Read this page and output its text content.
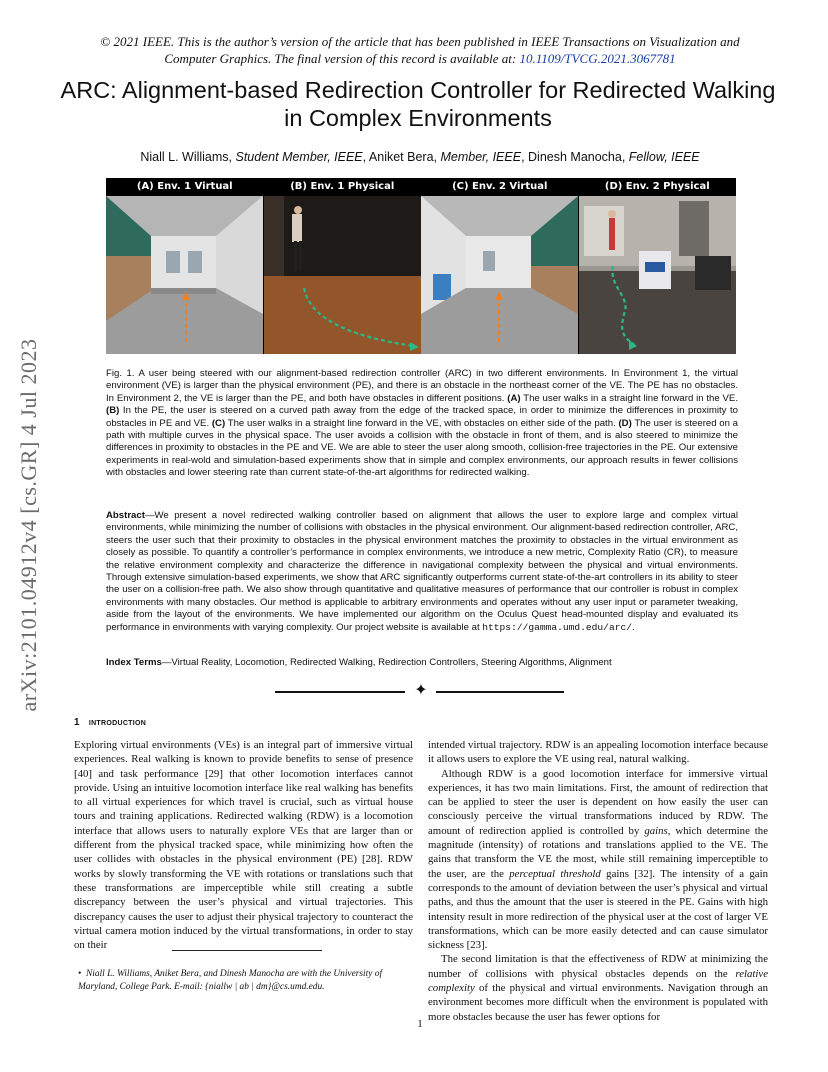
© 2021 IEEE. This is the author’s version of the article that has been published in IEEE Transactions on Visualization and Computer Graphics. The final version of this record is available at: 10.1109/TVCG.2021.3067781
ARC: Alignment-based Redirection Controller for Redirected Walking in Complex Environments
Niall L. Williams, Student Member, IEEE, Aniket Bera, Member, IEEE, Dinesh Manocha, Fellow, IEEE
arXiv:2101.04912v4 [cs.GR] 4 Jul 2023
(A) Env. 1 Virtual	(B) Env. 1 Physical	(C) Env. 2 Virtual	(D) Env. 2 Physical
Fig. 1. A user being steered with our alignment-based redirection controller (ARC) in two different environments. In Environment 1, the virtual environment (VE) is larger than the physical environment (PE), and there is an obstacle in the northeast corner of the VE. The PE has no obstacles. In Environment 2, the VE is larger than the PE, and both have obstacles in different positions. (A) The user walks in a straight line forward in the VE. (B) In the PE, the user is steered on a curved path away from the edge of the tracked space, in order to minimize the differences in proximity to obstacles in PE and VE. (C) The user walks in a straight line forward in the VE, with obstacles on either side of the path. (D) The user is steered on a path with multiple curves in the physical space. The user avoids a collision with the obstacle in front of them, and is also steered to minimize the differences in proximity to obstacles in the PE and VE. We are able to steer the user along smooth, collision-free trajectories in the PE. Our extensive experiments in real-wold and simulation-based experiments show that in simple and complex environments, our approach results in fewer collisions with obstacles and lower steering rate than current state-of-the-art algorithms for redirected walking.
Abstract—We present a novel redirected walking controller based on alignment that allows the user to explore large and complex virtual environments, while minimizing the number of collisions with obstacles in the physical environment. Our alignment-based redirection controller, ARC, steers the user such that their proximity to obstacles in the physical environment matches the proximity to obstacles in the virtual environment as closely as possible. To quantify a controller’s performance in complex environments, we introduce a new metric, Complexity Ratio (CR), to measure the relative environment complexity and characterize the difference in navigational complexity between the physical and virtual environments. Through extensive simulation-based experiments, we show that ARC significantly outperforms current state-of-the-art controllers in its ability to steer the user on a collision-free path. We also show through quantitative and qualitative measures of performance that our controller is robust in complex environments with many obstacles. Our method is applicable to arbitrary environments and operates without any user input or parameter tweaking, aside from the layout of the environments. We have implemented our algorithm on the Oculus Quest head-mounted display and evaluated its performance in environments with varying complexity. Our project website is available at https://gamma.umd.edu/arc/.
Index Terms—Virtual Reality, Locomotion, Redirected Walking, Redirection Controllers, Steering Algorithms, Alignment
✦
1 introduction

Exploring virtual environments (VEs) is an integral part of immersive virtual experiences. Real walking is known to provide benefits to sense of presence [40] and task performance [29] that other locomotion interfaces cannot provide. Using an intuitive locomotion interface like real walking has benefits to all virtual experiences for which travel is crucial, such as virtual house tours and training applications. Redirected walking (RDW) is a locomotion interface that allows users to naturally explore VEs that are larger than or different from the physical tracked space, while minimizing how often the user collides with obstacles in the physical environment (PE) [28]. RDW works by slowly transforming the VE with rotations or translations such that these transformations are imperceptible while still creating a subtle discrepancy between the user’s physical and virtual trajectories. This discrepancy causes the user to adjust their physical trajectory to counteract the virtual camera motion induced by the virtual transformations, in order to stay on their

intended virtual trajectory. RDW is an appealing locomotion interface because it allows users to explore the VE using real, natural walking.

Although RDW is a good locomotion interface for immersive virtual experiences, it has two main limitations. First, the amount of redirection that can be applied to steer the user is dependent on how easily the user can consciously perceive the virtual transformations induced by RDW. The amount of redirection applied is controlled by gains, which determine the magnitude (intensity) of rotations and translations applied to the VE. The gains that transform the VE the most, while still remaining imperceptible to the user, are the perceptual threshold gains [32]. The intensity of a gain corresponds to the amount of deviation between the user’s physical and virtual paths, and thus the amount that the user is steered in the PE. Gains with high intensity result in more redirection of the physical user at the cost of larger VE transformations, which can be more easily detected and can cause simulator sickness [23].

The second limitation is that the effectiveness of RDW at minimizing the number of collisions with physical obstacles depends on the relative complexity of the physical and virtual environments. Navigation through an environment becomes more difficult when the environment is populated with more obstacles because the user has fewer options for

• Niall L. Williams, Aniket Bera, and Dinesh Manocha are with the University of Maryland, College Park. E-mail: {niallw | ab | dm}@cs.umd.edu.
1
